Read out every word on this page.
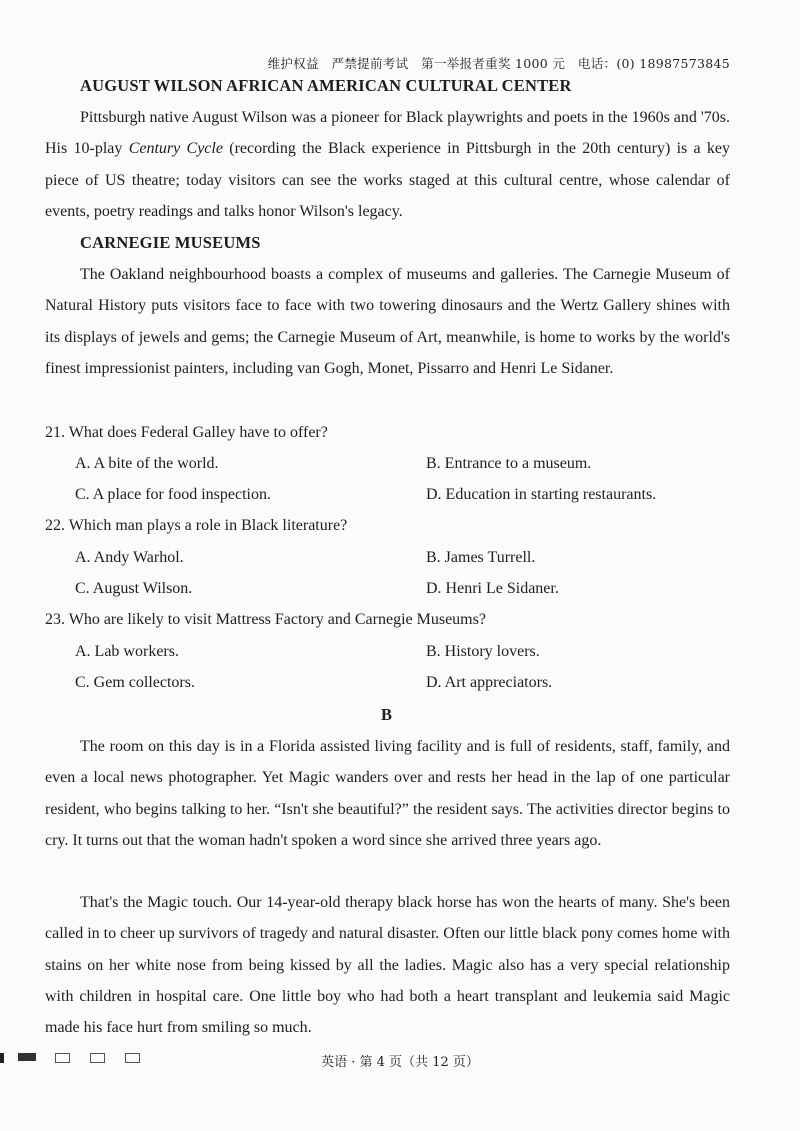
维护权益　严禁提前考试　第一举报者重奖 1000 元　电话：(0) 18987573845
AUGUST WILSON AFRICAN AMERICAN CULTURAL CENTER

Pittsburgh native August Wilson was a pioneer for Black playwrights and poets in the 1960s and '70s. His 10-play Century Cycle (recording the Black experience in Pittsburgh in the 20th century) is a key piece of US theatre; today visitors can see the works staged at this cultural centre, whose calendar of events, poetry readings and talks honor Wilson's legacy.

CARNEGIE MUSEUMS

The Oakland neighbourhood boasts a complex of museums and galleries. The Carnegie Museum of Natural History puts visitors face to face with two towering dinosaurs and the Wertz Gallery shines with its displays of jewels and gems; the Carnegie Museum of Art, meanwhile, is home to works by the world's finest impressionist painters, including van Gogh, Monet, Pissarro and Henri Le Sidaner.

21. What does Federal Galley have to offer?
A. A bite of the world.	B. Entrance to a museum.
C. A place for food inspection.	D. Education in starting restaurants.
22. Which man plays a role in Black literature?
A. Andy Warhol.	B. James Turrell.
C. August Wilson.	D. Henri Le Sidaner.
23. Who are likely to visit Mattress Factory and Carnegie Museums?
A. Lab workers.	B. History lovers.
C. Gem collectors.	D. Art appreciators.
B

The room on this day is in a Florida assisted living facility and is full of residents, staff, family, and even a local news photographer. Yet Magic wanders over and rests her head in the lap of one particular resident, who begins talking to her. “Isn't she beautiful?” the resident says. The activities director begins to cry. It turns out that the woman hadn't spoken a word since she arrived three years ago.

That's the Magic touch. Our 14-year-old therapy black horse has won the hearts of many. She's been called in to cheer up survivors of tragedy and natural disaster. Often our little black pony comes home with stains on her white nose from being kissed by all the ladies. Magic also has a very special relationship with children in hospital care. One little boy who had both a heart transplant and leukemia said Magic made his face hurt from smiling so much.

英语 · 第 4 页（共 12 页）
